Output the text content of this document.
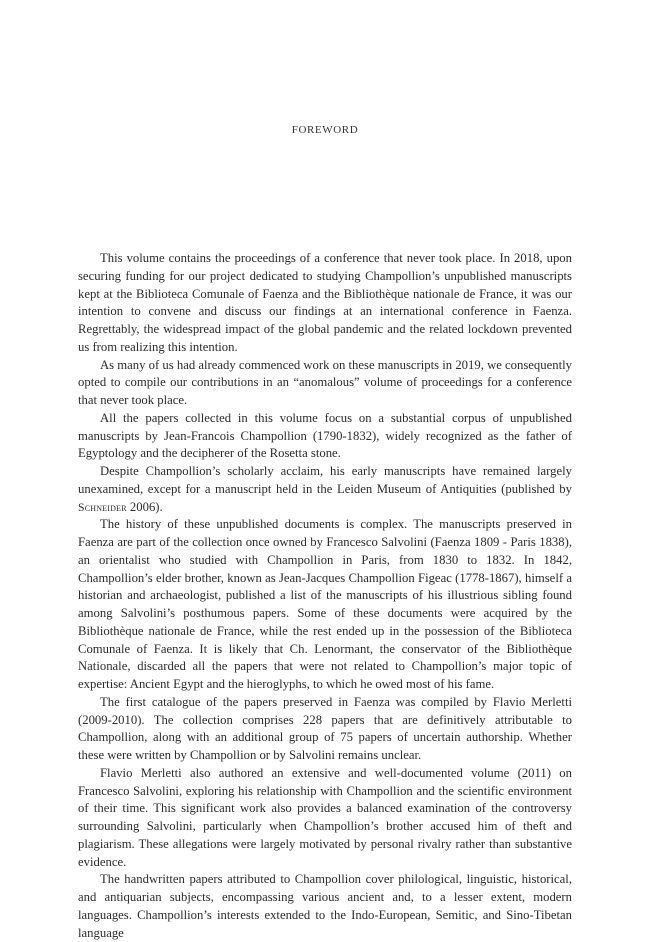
FOREWORD

This volume contains the proceedings of a conference that never took place. In 2018, upon securing funding for our project dedicated to studying Champollion’s unpublished manuscripts kept at the Biblioteca Comunale of Faenza and the Bibliothèque nationale de France, it was our intention to convene and discuss our findings at an international conference in Faenza. Regrettably, the widespread impact of the global pandemic and the related lockdown prevented us from realizing this intention.

As many of us had already commenced work on these manuscripts in 2019, we consequently opted to compile our contributions in an “anomalous” volume of proceedings for a conference that never took place.

All the papers collected in this volume focus on a substantial corpus of unpublished manuscripts by Jean-Francois Champollion (1790-1832), widely recognized as the father of Egyptology and the decipherer of the Rosetta stone.

Despite Champollion’s scholarly acclaim, his early manuscripts have remained largely unexamined, except for a manuscript held in the Leiden Museum of Antiquities (published by Schneider 2006).

The history of these unpublished documents is complex. The manuscripts preserved in Faenza are part of the collection once owned by Francesco Salvolini (Faenza 1809 - Paris 1838), an orientalist who studied with Champollion in Paris, from 1830 to 1832. In 1842, Champollion’s elder brother, known as Jean-Jacques Champollion Figeac (1778-1867), himself a historian and archaeologist, published a list of the manuscripts of his illustrious sibling found among Salvolini’s posthumous papers. Some of these documents were acquired by the Bibliothèque nationale de France, while the rest ended up in the possession of the Biblioteca Comunale of Faenza. It is likely that Ch. Lenormant, the conservator of the Bibliothèque Nationale, discarded all the papers that were not related to Champollion’s major topic of expertise: Ancient Egypt and the hieroglyphs, to which he owed most of his fame.

The first catalogue of the papers preserved in Faenza was compiled by Flavio Merletti (2009-2010). The collection comprises 228 papers that are definitively attributable to Champollion, along with an additional group of 75 papers of uncertain authorship. Whether these were written by Champollion or by Salvolini remains unclear.

Flavio Merletti also authored an extensive and well-documented volume (2011) on Francesco Salvolini, exploring his relationship with Champollion and the scientific environment of their time. This significant work also provides a balanced examination of the controversy surrounding Salvolini, particularly when Champollion’s brother accused him of theft and plagiarism. These allegations were largely motivated by personal rivalry rather than substantive evidence.

The handwritten papers attributed to Champollion cover philological, linguistic, historical, and antiquarian subjects, encompassing various ancient and, to a lesser extent, modern languages. Champollion’s interests extended to the Indo-European, Semitic, and Sino-Tibetan language
